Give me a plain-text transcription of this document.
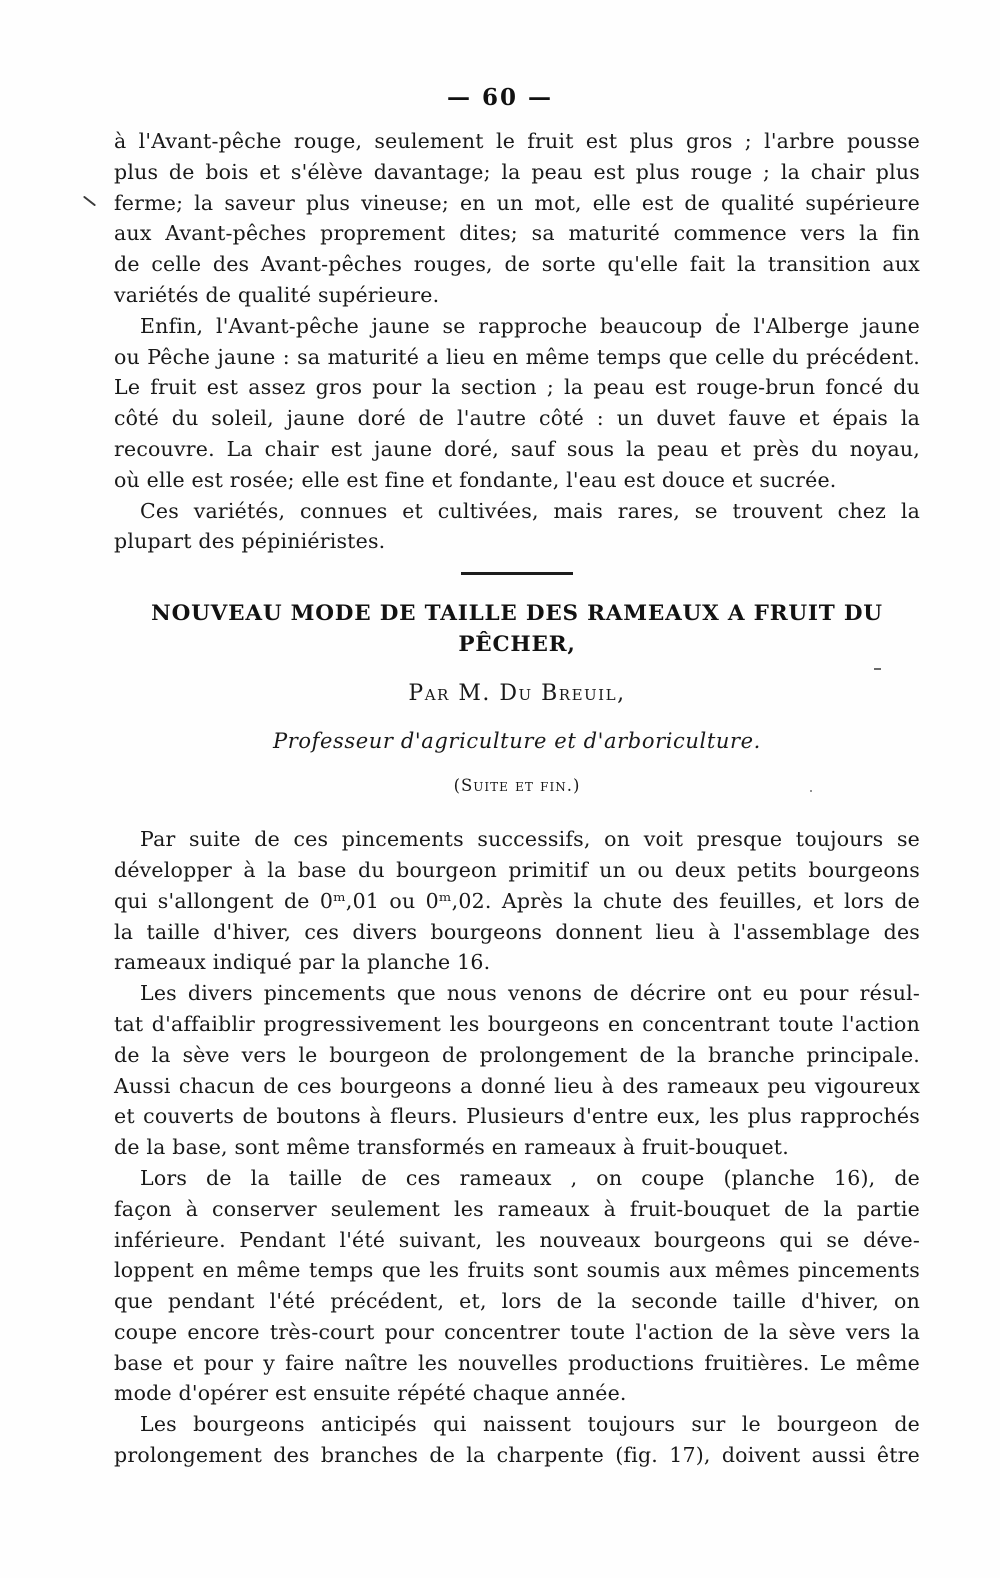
— 60 —
à l'Avant-pêche rouge, seulement le fruit est plus gros ; l'arbre pousse
plus de bois et s'élève davantage; la peau est plus rouge ; la chair plus
ferme; la saveur plus vineuse; en un mot, elle est de qualité supérieure
aux Avant-pêches proprement dites; sa maturité commence vers la fin
de celle des Avant-pêches rouges, de sorte qu'elle fait la transition aux
variétés de qualité supérieure.
Enfin, l'Avant-pêche jaune se rapproche beaucoup de l'Alberge jaune
ou Pêche jaune : sa maturité a lieu en même temps que celle du précédent.
Le fruit est assez gros pour la section ; la peau est rouge-brun foncé du
côté du soleil, jaune doré de l'autre côté : un duvet fauve et épais la
recouvre. La chair est jaune doré, sauf sous la peau et près du noyau,
où elle est rosée; elle est fine et fondante, l'eau est douce et sucrée.
Ces variétés, connues et cultivées, mais rares, se trouvent chez la
plupart des pépiniéristes.
NOUVEAU MODE DE TAILLE DES RAMEAUX A FRUIT DU PÊCHER,
Par M. Du Breuil,
Professeur d'agriculture et d'arboriculture.
(Suite et fin.)
Par suite de ces pincements successifs, on voit presque toujours se
développer à la base du bourgeon primitif un ou deux petits bourgeons
qui s'allongent de 0ᵐ,01 ou 0ᵐ,02. Après la chute des feuilles, et lors de
la taille d'hiver, ces divers bourgeons donnent lieu à l'assemblage des
rameaux indiqué par la planche 16.
Les divers pincements que nous venons de décrire ont eu pour résul-
tat d'affaiblir progressivement les bourgeons en concentrant toute l'action
de la sève vers le bourgeon de prolongement de la branche principale.
Aussi chacun de ces bourgeons a donné lieu à des rameaux peu vigoureux
et couverts de boutons à fleurs. Plusieurs d'entre eux, les plus rapprochés
de la base, sont même transformés en rameaux à fruit-bouquet.
Lors de la taille de ces rameaux , on coupe (planche 16), de
façon à conserver seulement les rameaux à fruit-bouquet de la partie
inférieure. Pendant l'été suivant, les nouveaux bourgeons qui se déve-
loppent en même temps que les fruits sont soumis aux mêmes pincements
que pendant l'été précédent, et, lors de la seconde taille d'hiver, on
coupe encore très-court pour concentrer toute l'action de la sève vers la
base et pour y faire naître les nouvelles productions fruitières. Le même
mode d'opérer est ensuite répété chaque année.
Les bourgeons anticipés qui naissent toujours sur le bourgeon de
prolongement des branches de la charpente (fig. 17), doivent aussi être
